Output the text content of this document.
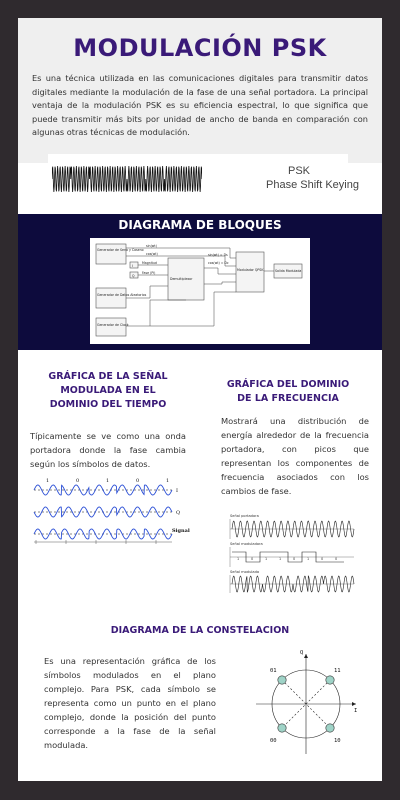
MODULACIÓN PSK
Es una técnica utilizada en las comunicaciones digitales para transmitir datos digitales mediante la modulación de la fase de una señal portadora. La principal ventaja de la modulación PSK es su eficiencia espectral, lo que significa que puede transmitir más bits por unidad de ancho de banda en comparación con algunas otras técnicas de modulación.
PSK
Phase Shift Keying
DIAGRAMA DE BLOQUES
Generador de Seno y Coseno
Generador de Datos Aleatorios
Generador de Clock
Demultiplexor
Modulador QPSK	Salida Modulada
sin(wt)
cos(wt)
Magnitud
Fase (Pi)
I
Q
sin(wt) = Ds
cos(wt) = Dc
GRÁFICA DE LA SEÑAL MODULADA EN EL DOMINIO DEL TIEMPO
Típicamente se ve como una onda portadora donde la fase cambia según los símbolos de datos.
I
Q
Signal
1	0	1	0	1
GRÁFICA DEL DOMINIO DE LA FRECUENCIA
Mostrará una distribución de energía alrededor de la frecuencia portadora, con picos que representan los componentes de frecuencia asociados con los cambios de fase.
Señal portadora
Señal moduladora
Señal modulada
1	0	1	1	0	1	0	0
DIAGRAMA DE LA CONSTELACION
Es una representación gráfica de los símbolos modulados en el plano complejo. Para PSK, cada símbolo se representa como un punto en el plano complejo, donde la posición del punto corresponde a la fase de la señal modulada.
Q
I
01	11
00	10
